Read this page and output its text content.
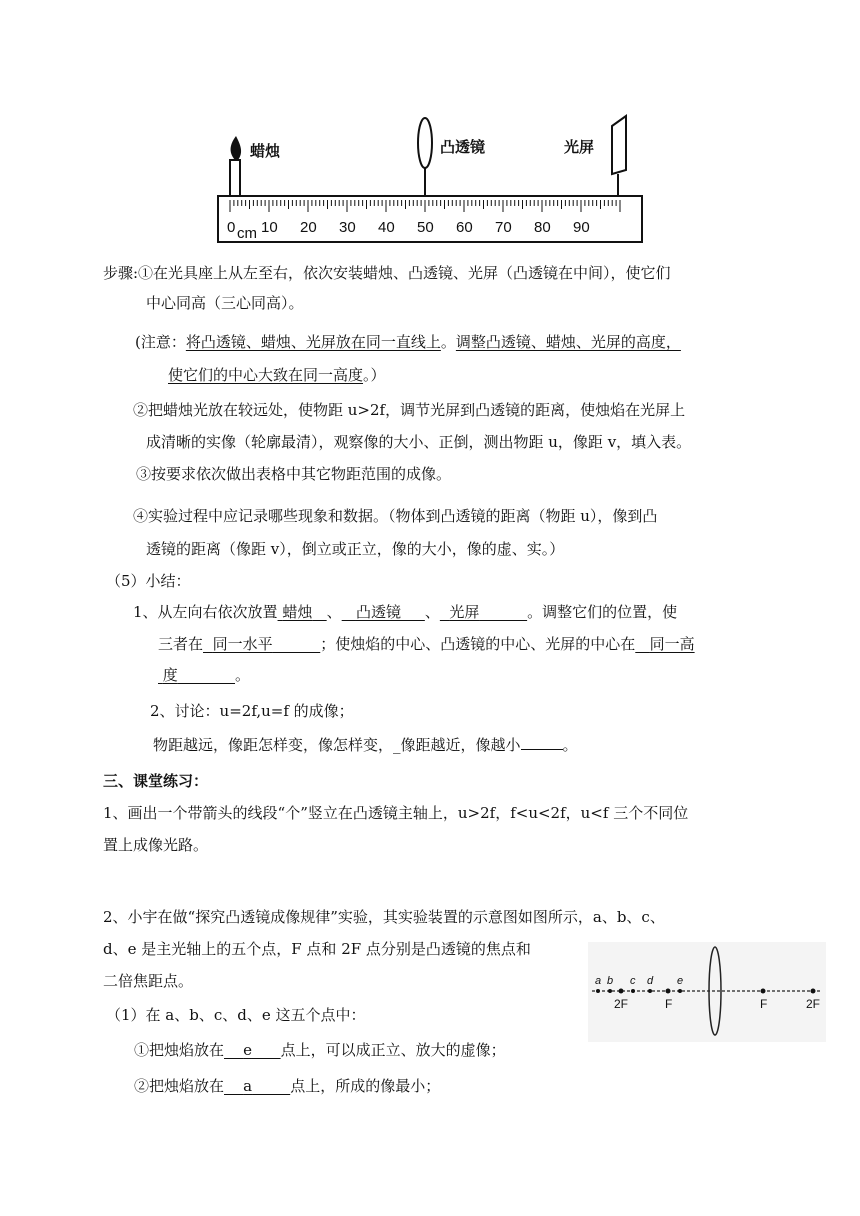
蜡烛	凸透镜	光屏
0 10 20 30 40 50 60 70 80 90
cm
步骤:①在光具座上从左至右，依次安装蜡烛、凸透镜、光屏（凸透镜在中间），使它们
中心同高（三心同高）。
(注意：将凸透镜、蜡烛、光屏放在同一直线上。调整凸透镜、蜡烛、光屏的高度，
使它们的中心大致在同一高度。）
②把蜡烛光放在较远处，使物距 u>2f，调节光屏到凸透镜的距离，使烛焰在光屏上
成清晰的实像（轮廓最清），观察像的大小、正倒，测出物距 u，像距 v，填入表。
③按要求依次做出表格中其它物距范围的成像。
④实验过程中应记录哪些现象和数据。（物体到凸透镜的距离（物距 u），像到凸
透镜的距离（像距 v），倒立或正立，像的大小，像的虚、实。）
（5）小结：
1、从左向右依次放置 蜡烛 、 凸透镜 、 光屏	。调整它们的位置，使
三者在 同一水平	；使烛焰的中心、凸透镜的中心、光屏的中心在 同一高
度	。
2、讨论：u=2f,u=f 的成像；
物距越远，像距怎样变，像怎样变，_像距越近，像越小	。
三、课堂练习：
1、画出一个带箭头的线段“个”竖立在凸透镜主轴上，u>2f，f<u<2f，u<f 三个不同位
置上成像光路。
2、小宇在做“探究凸透镜成像规律”实验，其实验装置的示意图如图所示，a、b、c、
d、e 是主光轴上的五个点，F 点和 2F 点分别是凸透镜的焦点和
二倍焦距点。
（1）在 a、b、c、d、e 这五个点中：
①把烛焰放在 e 点上，可以成正立、放大的虚像；
②把烛焰放在 a	点上，所成的像最小；
a b c d e
2F	F	F	2F
